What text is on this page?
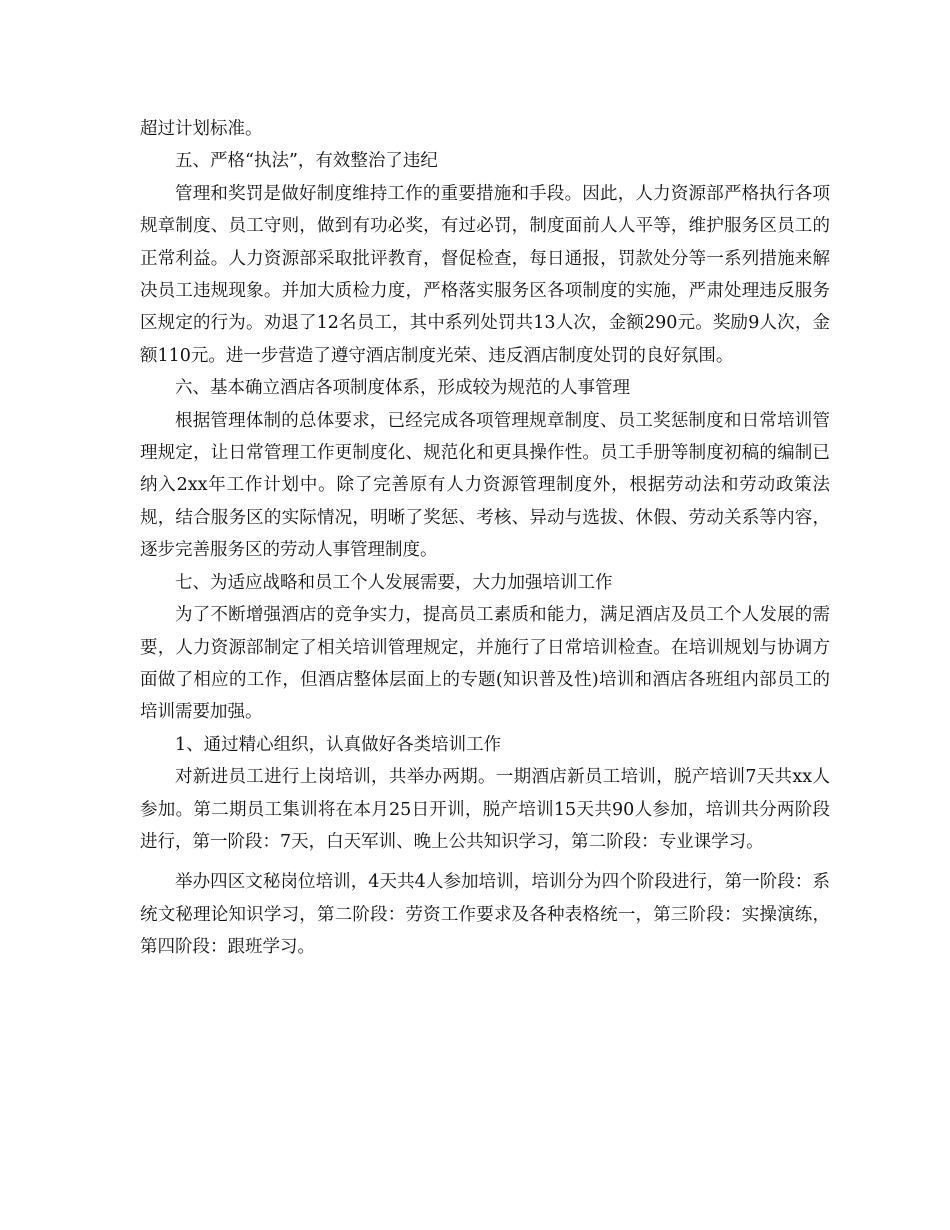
超过计划标准。

五、严格“执法”，有效整治了违纪

管理和奖罚是做好制度维持工作的重要措施和手段。因此，人力资源部严格执行各项规章制度、员工守则，做到有功必奖，有过必罚，制度面前人人平等，维护服务区员工的正常利益。人力资源部采取批评教育，督促检查，每日通报，罚款处分等一系列措施来解决员工违规现象。并加大质检力度，严格落实服务区各项制度的实施，严肃处理违反服务区规定的行为。劝退了12名员工，其中系列处罚共13人次，金额290元。奖励9人次，金额110元。进一步营造了遵守酒店制度光荣、违反酒店制度处罚的良好氛围。

六、基本确立酒店各项制度体系，形成较为规范的人事管理

根据管理体制的总体要求，已经完成各项管理规章制度、员工奖惩制度和日常培训管理规定，让日常管理工作更制度化、规范化和更具操作性。员工手册等制度初稿的编制已纳入2xx年工作计划中。除了完善原有人力资源管理制度外，根据劳动法和劳动政策法规，结合服务区的实际情况，明晰了奖惩、考核、异动与选拔、休假、劳动关系等内容，逐步完善服务区的劳动人事管理制度。

七、为适应战略和员工个人发展需要，大力加强培训工作

为了不断增强酒店的竞争实力，提高员工素质和能力，满足酒店及员工个人发展的需要，人力资源部制定了相关培训管理规定，并施行了日常培训检查。在培训规划与协调方面做了相应的工作，但酒店整体层面上的专题(知识普及性)培训和酒店各班组内部员工的培训需要加强。

1、通过精心组织，认真做好各类培训工作

对新进员工进行上岗培训，共举办两期。一期酒店新员工培训，脱产培训7天共xx人参加。第二期员工集训将在本月25日开训，脱产培训15天共90人参加，培训共分两阶段进行，第一阶段：7天，白天军训、晚上公共知识学习，第二阶段：专业课学习。

举办四区文秘岗位培训，4天共4人参加培训，培训分为四个阶段进行，第一阶段：系统文秘理论知识学习，第二阶段：劳资工作要求及各种表格统一，第三阶段：实操演练，第四阶段：跟班学习。
